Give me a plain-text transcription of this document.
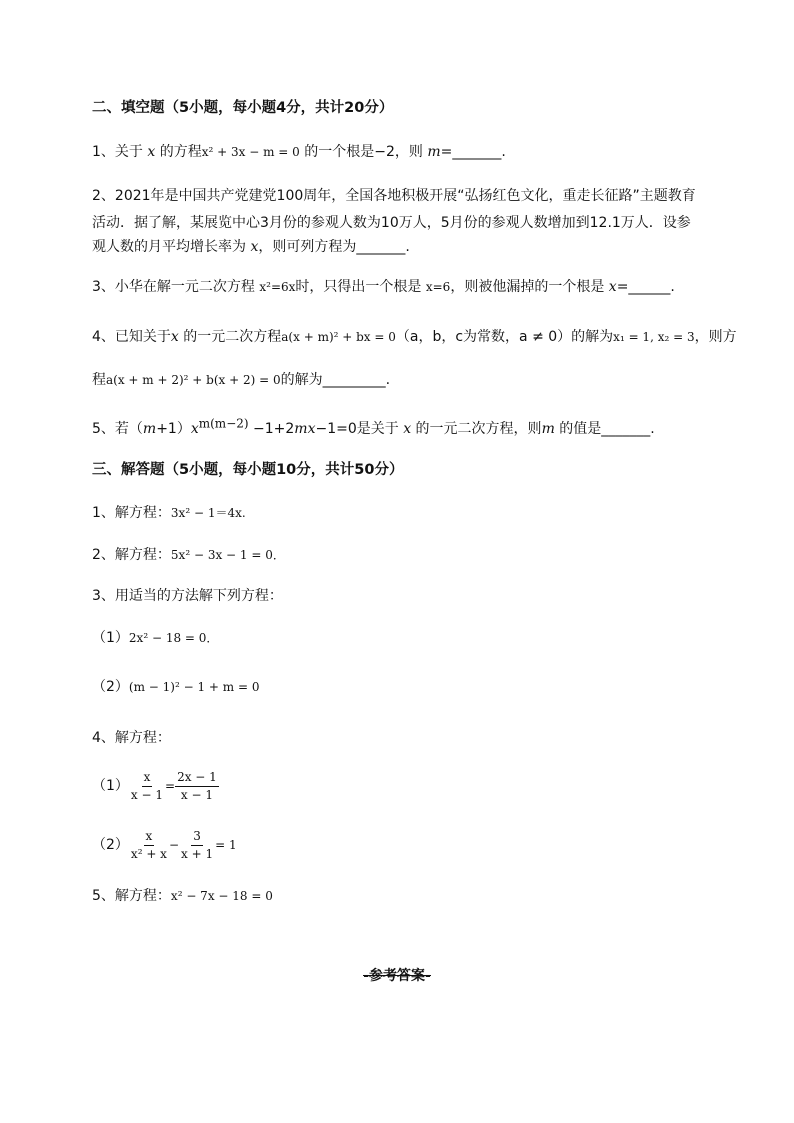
二、填空题（5小题，每小题4分，共计20分）
1、关于 x 的方程x² + 3x − m = 0 的一个根是−2，则 m=_______.
2、2021年是中国共产党建党100周年，全国各地积极开展“弘扬红色文化，重走长征路”主题教育
活动．据了解，某展览中心3月份的参观人数为10万人，5月份的参观人数增加到12.1万人．设参
观人数的月平均增长率为 x，则可列方程为_______.
3、小华在解一元二次方程 x²=6x时，只得出一个根是 x=6，则被他漏掉的一个根是 x=______.
4、已知关于x 的一元二次方程a(x + m)² + bx = 0（a，b，c为常数，a ≠ 0）的解为x₁ = 1, x₂ = 3，则方
程a(x + m + 2)² + b(x + 2) = 0的解为_________.
5、若$(m+1)x^{m(m-2)} -1+2mx-1=0$是关于 x 的一元二次方程，则m 的值是_______.
三、解答题（5小题，每小题10分，共计50分）
1、解方程：3x² − 1＝4x.
2、解方程：5x² − 3x − 1 = 0．
3、用适当的方法解下列方程：
（1）2x² − 18 = 0．
（2）(m − 1)² − 1 + m = 0
4、解方程：
$(1) \frac{x}{x - 1} = \frac{2x - 1}{x - 1}$
$(2) \frac{x}{\text{x² + x}} - \frac{3}{x + 1} = 1$
5、解方程：x² − 7x − 18 = 0
-参考答案-
